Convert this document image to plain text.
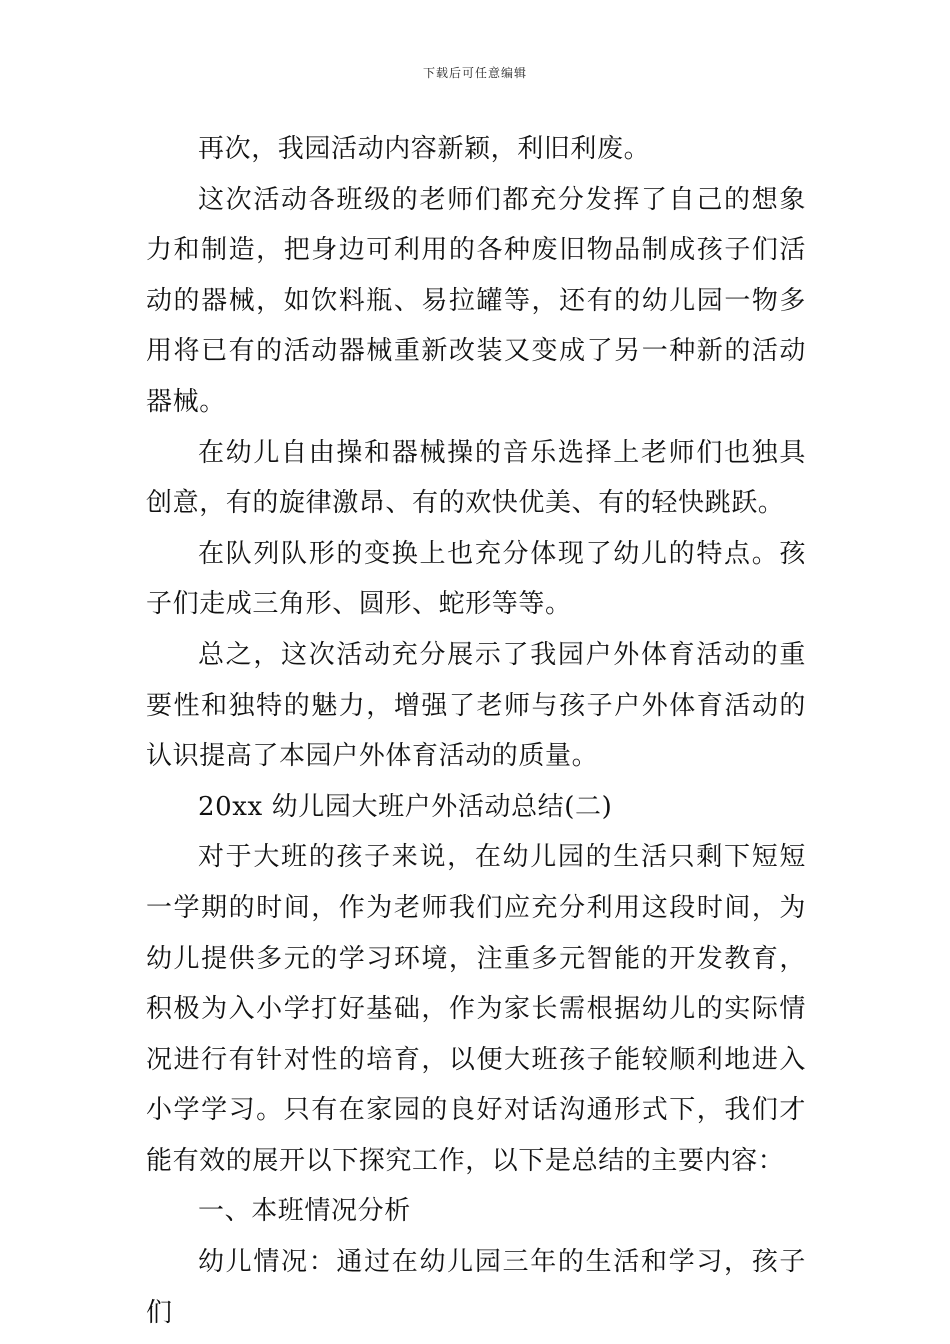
下载后可任意编辑

再次，我园活动内容新颖，利旧利废。

这次活动各班级的老师们都充分发挥了自己的想象力和制造，把身边可利用的各种废旧物品制成孩子们活动的器械，如饮料瓶、易拉罐等，还有的幼儿园一物多用将已有的活动器械重新改装又变成了另一种新的活动器械。

在幼儿自由操和器械操的音乐选择上老师们也独具创意，有的旋律激昂、有的欢快优美、有的轻快跳跃。

在队列队形的变换上也充分体现了幼儿的特点。孩子们走成三角形、圆形、蛇形等等。

总之，这次活动充分展示了我园户外体育活动的重要性和独特的魅力，增强了老师与孩子户外体育活动的认识提高了本园户外体育活动的质量。

20xx 幼儿园大班户外活动总结(二)

对于大班的孩子来说，在幼儿园的生活只剩下短短一学期的时间，作为老师我们应充分利用这段时间，为幼儿提供多元的学习环境，注重多元智能的开发教育，积极为入小学打好基础，作为家长需根据幼儿的实际情况进行有针对性的培育，以便大班孩子能较顺利地进入小学学习。只有在家园的良好对话沟通形式下，我们才能有效的展开以下探究工作，以下是总结的主要内容：

一、本班情况分析

幼儿情况：通过在幼儿园三年的生活和学习，孩子们
